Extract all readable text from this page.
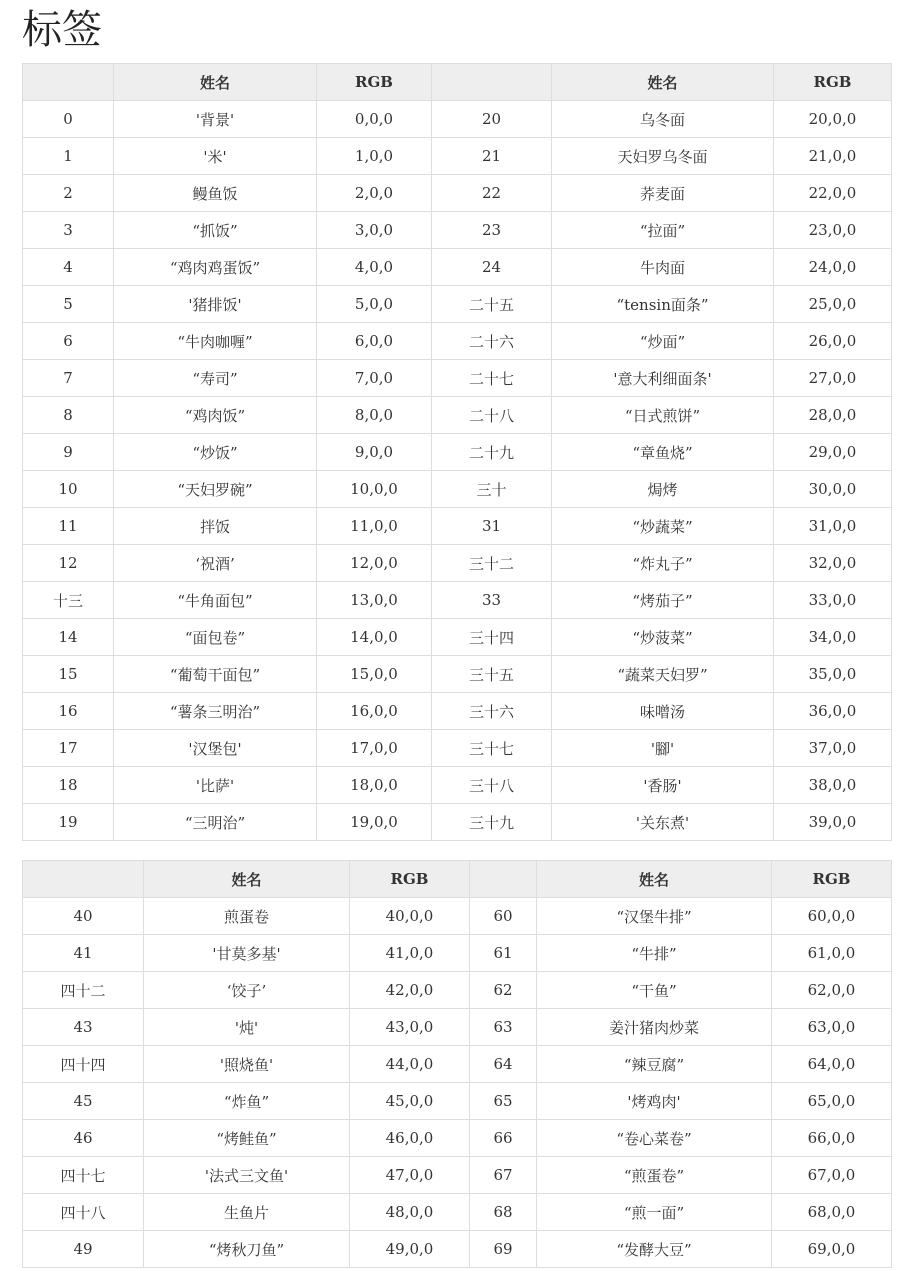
标签
	姓名	RGB		姓名	RGB
0	'背景'	0,0,0	20	乌冬面	20,0,0
1	'米'	1,0,0	21	天妇罗乌冬面	21,0,0
2	鳗鱼饭	2,0,0	22	荞麦面	22,0,0
3	“抓饭”	3,0,0	23	“拉面”	23,0,0
4	“鸡肉鸡蛋饭”	4,0,0	24	牛肉面	24,0,0
5	'猪排饭'	5,0,0	二十五	“tensin面条”	25,0,0
6	“牛肉咖喱”	6,0,0	二十六	“炒面”	26,0,0
7	“寿司”	7,0,0	二十七	'意大利细面条'	27,0,0
8	“鸡肉饭”	8,0,0	二十八	“日式煎饼”	28,0,0
9	“炒饭”	9,0,0	二十九	“章鱼烧”	29,0,0
10	“天妇罗碗”	10,0,0	三十	焗烤	30,0,0
11	拌饭	11,0,0	31	“炒蔬菜”	31,0,0
12	‘祝酒’	12,0,0	三十二	“炸丸子”	32,0,0
十三	“牛角面包”	13,0,0	33	“烤茄子”	33,0,0
14	“面包卷”	14,0,0	三十四	“炒菠菜”	34,0,0
15	“葡萄干面包”	15,0,0	三十五	“蔬菜天妇罗”	35,0,0
16	“薯条三明治”	16,0,0	三十六	味噌汤	36,0,0
17	'汉堡包'	17,0,0	三十七	'腳'	37,0,0
18	'比萨'	18,0,0	三十八	'香肠'	38,0,0
19	“三明治”	19,0,0	三十九	'关东煮'	39,0,0
	姓名	RGB		姓名	RGB
40	煎蛋卷	40,0,0	60	“汉堡牛排”	60,0,0
41	'甘莫多基'	41,0,0	61	“牛排”	61,0,0
四十二	‘饺子’	42,0,0	62	“干鱼”	62,0,0
43	'炖'	43,0,0	63	姜汁猪肉炒菜	63,0,0
四十四	'照烧鱼'	44,0,0	64	“辣豆腐”	64,0,0
45	“炸鱼”	45,0,0	65	'烤鸡肉'	65,0,0
46	“烤鲑鱼”	46,0,0	66	“卷心菜卷”	66,0,0
四十七	'法式三文鱼'	47,0,0	67	“煎蛋卷”	67,0,0
四十八	生鱼片	48,0,0	68	“煎一面”	68,0,0
49	“烤秋刀鱼”	49,0,0	69	“发酵大豆”	69,0,0
